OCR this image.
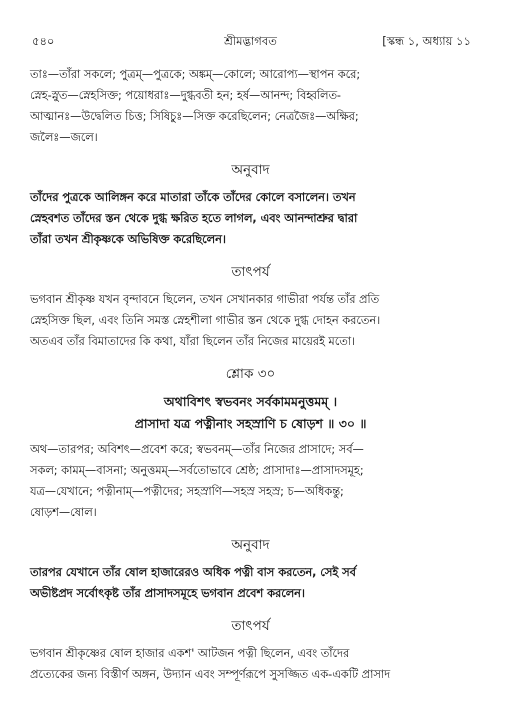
৫৪০	শ্রীমদ্ভাগবত	[স্কন্ধ ১, অধ্যায় ১১

তাঃ—তাঁরা সকলে; পুত্রম্—পুত্রকে; অঙ্কম্—কোলে; আরোপ্য—স্থাপন করে;

স্নেহ-স্নুত—স্নেহসিক্ত; পয়োধরাঃ—দুগ্ধবতী হন; হর্ষ—আনন্দ; বিহ্বলিত-

আত্মানঃ—উদ্বেলিত চিত্ত; সিষিচুঃ—সিক্ত করেছিলেন; নেত্রজৈঃ—অক্ষির;

জলৈঃ—জলে।

অনুবাদ

তাঁদের পুত্রকে আলিঙ্গন করে মাতারা তাঁকে তাঁদের কোলে বসালেন। তখন

স্নেহবশত তাঁদের স্তন থেকে দুগ্ধ ক্ষরিত হতে লাগল, এবং আনন্দাশ্রুর দ্বারা

তাঁরা তখন শ্রীকৃষ্ণকে অভিষিক্ত করেছিলেন।

তাৎপর্য

ভগবান শ্রীকৃষ্ণ যখন বৃন্দাবনে ছিলেন, তখন সেখানকার গাভীরা পর্যন্ত তাঁর প্রতি

স্নেহসিক্ত ছিল, এবং তিনি সমস্ত স্নেহশীলা গাভীর স্তন থেকে দুগ্ধ দোহন করতেন।

অতএব তাঁর বিমাতাদের কি কথা, যাঁরা ছিলেন তাঁর নিজের মায়েরই মতো।

শ্লোক ৩০

অথাবিশৎ স্বভবনং সর্বকামমনুত্তমম্ ।

প্রাসাদা যত্র পত্নীনাং সহস্রাণি চ ষোড়শ ॥ ৩০ ॥

অথ—তারপর; অবিশৎ—প্রবেশ করে; স্বভবনম্—তাঁর নিজের প্রাসাদে; সর্ব—

সকল; কামম্—বাসনা; অনুত্তমম্—সর্বতোভাবে শ্রেষ্ঠ; প্রাসাদাঃ—প্রাসাদসমূহ;

যত্র—যেখানে; পত্নীনাম্—পত্নীদের; সহস্রাণি—সহস্র সহস্র; চ—অধিকন্তু;

ষোড়শ—ষোল।

অনুবাদ

তারপর যেখানে তাঁর ষোল হাজারেরও অধিক পত্নী বাস করতেন, সেই সর্ব

অভীষ্টপ্রদ সর্বোৎকৃষ্ট তাঁর প্রাসাদসমূহে ভগবান প্রবেশ করলেন।

তাৎপর্য

ভগবান শ্রীকৃষ্ণের ষোল হাজার একশ' আটজন পত্নী ছিলেন, এবং তাঁদের

প্রত্যেকের জন্য বিস্তীর্ণ অঙ্গন, উদ্যান এবং সম্পূর্ণরূপে সুসজ্জিত এক-একটি প্রাসাদ
